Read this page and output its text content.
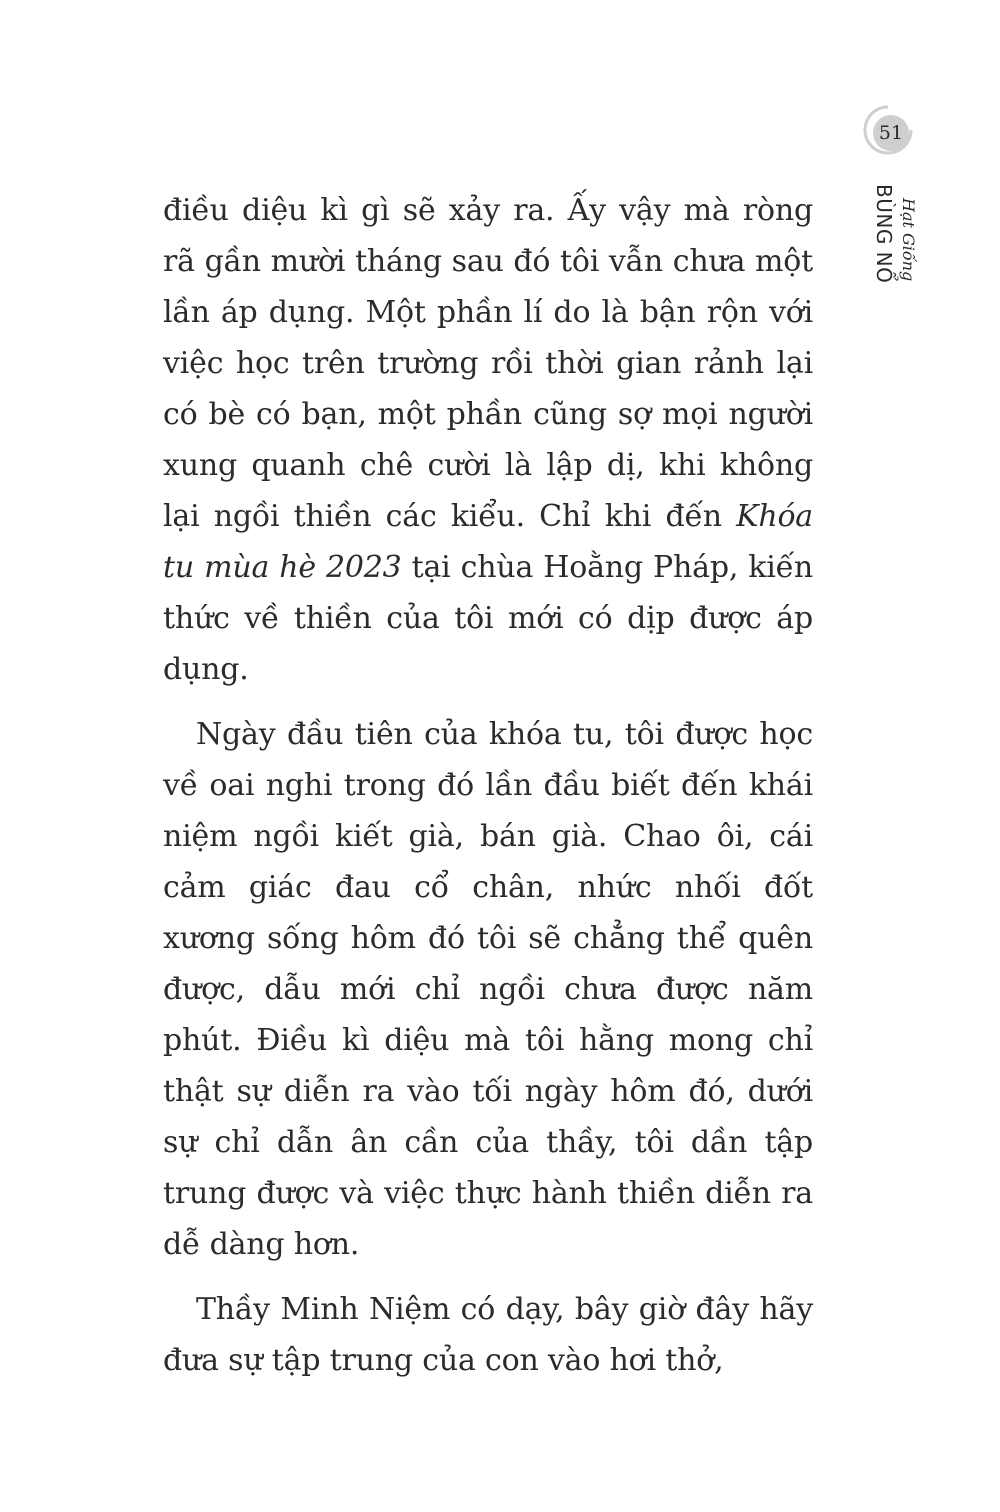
51
BÙNG NỔ Hạt Giống

điều diệu kì gì sẽ xảy ra. Ấy vậy mà ròng rã gần mười tháng sau đó tôi vẫn chưa một lần áp dụng. Một phần lí do là bận rộn với việc học trên trường rồi thời gian rảnh lại có bè có bạn, một phần cũng sợ mọi người xung quanh chê cười là lập dị, khi không lại ngồi thiền các kiểu. Chỉ khi đến Khóa tu mùa hè 2023 tại chùa Hoằng Pháp, kiến thức về thiền của tôi mới có dịp được áp dụng.

Ngày đầu tiên của khóa tu, tôi được học về oai nghi trong đó lần đầu biết đến khái niệm ngồi kiết già, bán già. Chao ôi, cái cảm giác đau cổ chân, nhức nhối đốt xương sống hôm đó tôi sẽ chẳng thể quên được, dẫu mới chỉ ngồi chưa được năm phút. Điều kì diệu mà tôi hằng mong chỉ thật sự diễn ra vào tối ngày hôm đó, dưới sự chỉ dẫn ân cần của thầy, tôi dần tập trung được và việc thực hành thiền diễn ra dễ dàng hơn.

Thầy Minh Niệm có dạy, bây giờ đây hãy đưa sự tập trung của con vào hơi thở,
